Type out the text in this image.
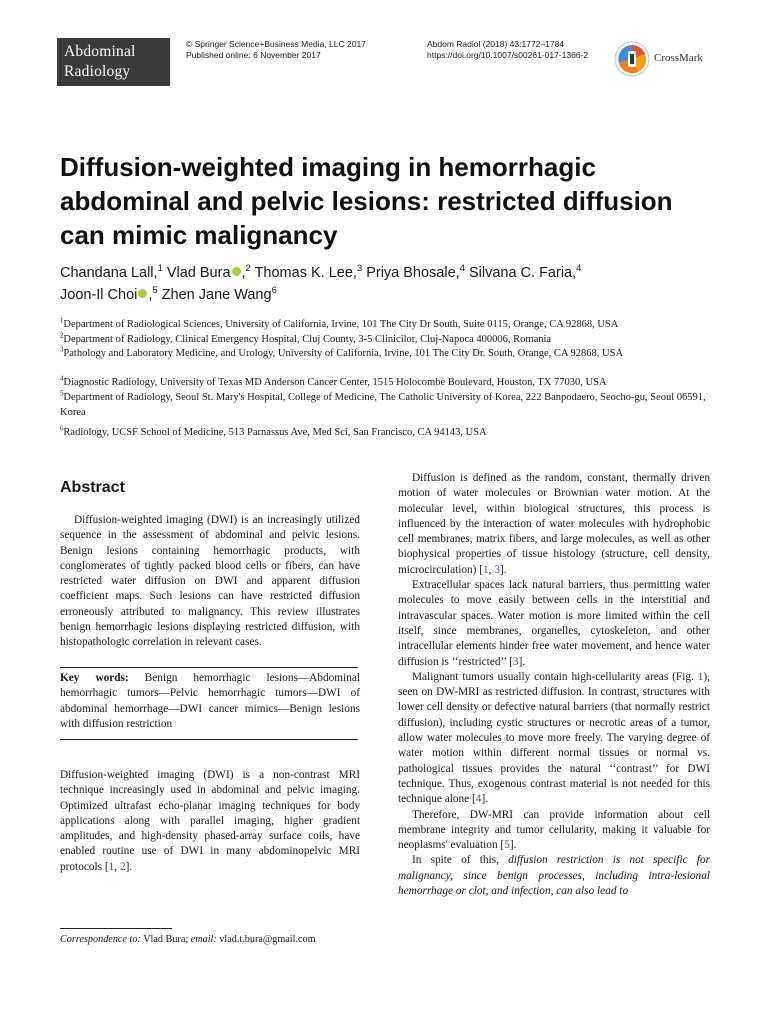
Abdominal
Radiology
© Springer Science+Business Media, LLC 2017
Published online: 6 November 2017
Abdom Radiol (2018) 43:1772–1784
https://doi.org/10.1007/s00261-017-1366-2	CrossMark
Diffusion-weighted imaging in hemorrhagic abdominal and pelvic lesions: restricted diffusion can mimic malignancy
Chandana Lall,$^1$ Vlad Bura ,$^2$ Thomas K. Lee,$^3$ Priya Bhosale,$^4$ Silvana C. Faria,$^4$
Joon-Il Choi ,$^5$ Zhen Jane Wang$^6$
$^1$Department of Radiological Sciences, University of California, Irvine, 101 The City Dr South, Suite 0115, Orange, CA 92868, USA
$^2$Department of Radiology, Clinical Emergency Hospital, Cluj County, 3-5 Clinicilor, Cluj-Napoca 400006, Romania
$^3$Pathology and Laboratory Medicine, and Urology, University of California, Irvine, 101 The City Dr. South, Orange, CA 92868, USA
$^4$Diagnostic Radiology, University of Texas MD Anderson Cancer Center, 1515 Holocombe Boulevard, Houston, TX 77030, USA
$^5$Department of Radiology, Seoul St. Mary's Hospital, College of Medicine, The Catholic University of Korea, 222 Banpodaero, Seocho-gu, Seoul 06591, Korea
$^6$Radiology, UCSF School of Medicine, 513 Parnassus Ave, Med Sci, San Francisco, CA 94143, USA
Abstract
Diffusion-weighted imaging (DWI) is an increasingly utilized sequence in the assessment of abdominal and pelvic lesions. Benign lesions containing hemorrhagic products, with conglomerates of tightly packed blood cells or fibers, can have restricted water diffusion on DWI and apparent diffusion coefficient maps. Such lesions can have restricted diffusion erroneously attributed to malignancy. This review illustrates benign hemorrhagic lesions displaying restricted diffusion, with histopathologic correlation in relevant cases.
Key words: Benign hemorrhagic lesions—Abdominal hemorrhagic tumors—Pelvic hemorrhagic tumors—DWI of abdominal hemorrhage—DWI cancer mimics—Benign lesions with diffusion restriction
Diffusion-weighted imaging (DWI) is a non-contrast MRI technique increasingly used in abdominal and pelvic imaging. Optimized ultrafast echo-planar imaging techniques for body applications along with parallel imaging, higher gradient amplitudes, and high-density phased-array surface coils, have enabled routine use of DWI in many abdominopelvic MRI protocols [1, 2].
Correspondence to: Vlad Bura; email: vlad.t.bura@gmail.com
Diffusion is defined as the random, constant, thermally driven motion of water molecules or Brownian water motion. At the molecular level, within biological structures, this process is influenced by the interaction of water molecules with hydrophobic cell membranes, matrix fibers, and large molecules, as well as other biophysical properties of tissue histology (structure, cell density, microcirculation) [1, 3].
Extracellular spaces lack natural barriers, thus permitting water molecules to move easily between cells in the interstitial and intravascular spaces. Water motion is more limited within the cell itself, since membranes, organelles, cytoskeleton, and other intracellular elements hinder free water movement, and hence water diffusion is ‘‘restricted’’ [3].
Malignant tumors usually contain high-cellularity areas (Fig. 1), seen on DW-MRI as restricted diffusion. In contrast, structures with lower cell density or defective natural barriers (that normally restrict diffusion), including cystic structures or necrotic areas of a tumor, allow water molecules to move more freely. The varying degree of water motion within different normal tissues or normal vs. pathological tissues provides the natural ‘‘contrast’’ for DWI technique. Thus, exogenous contrast material is not needed for this technique alone [4].
Therefore, DW-MRI can provide information about cell membrane integrity and tumor cellularity, making it valuable for neoplasms' evaluation [5].
In spite of this, diffusion restriction is not specific for malignancy, since benign processes, including intra-lesional hemorrhage or clot, and infection, can also lead to
